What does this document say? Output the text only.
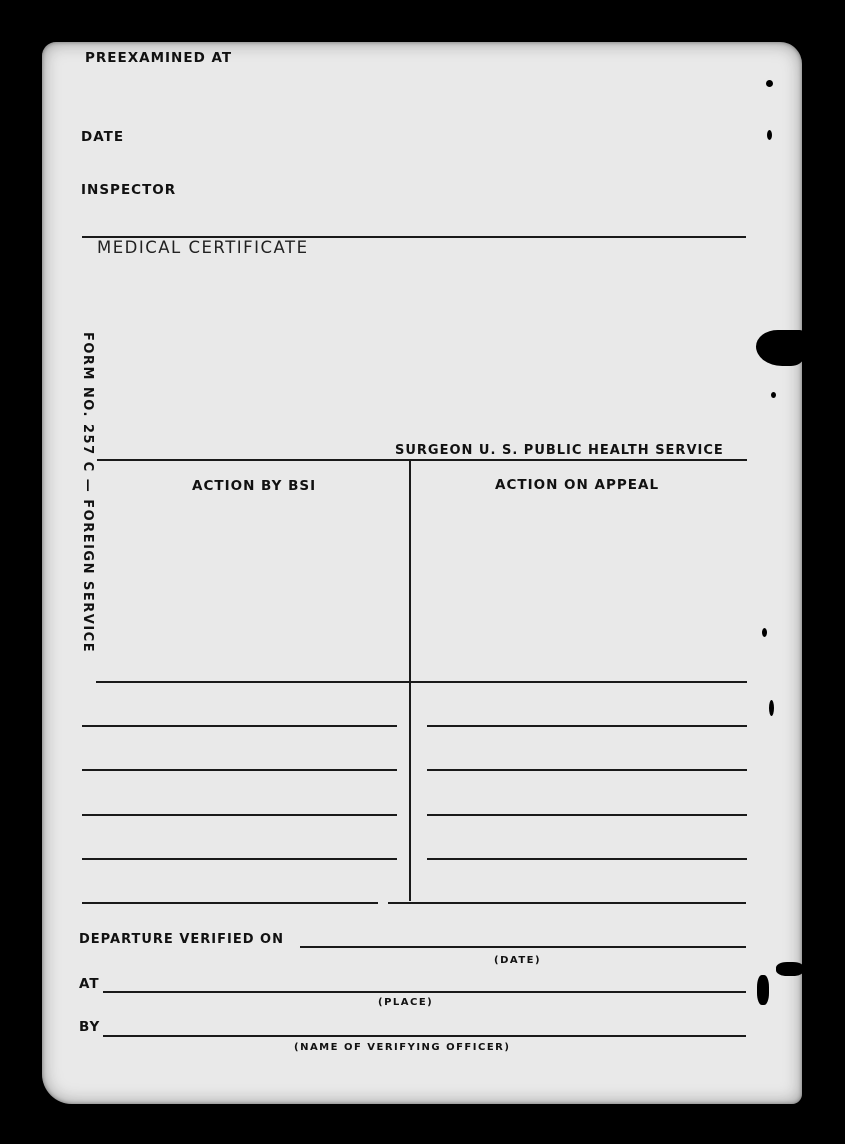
PREEXAMINED AT
DATE
INSPECTOR
MEDICAL CERTIFICATE
FORM NO. 257 C — FOREIGN SERVICE	SURGEON U. S. PUBLIC HEALTH SERVICE
ACTION BY BSI	ACTION ON APPEAL
DEPARTURE VERIFIED ON
(DATE)
AT
(PLACE)
BY
(NAME OF VERIFYING OFFICER)
